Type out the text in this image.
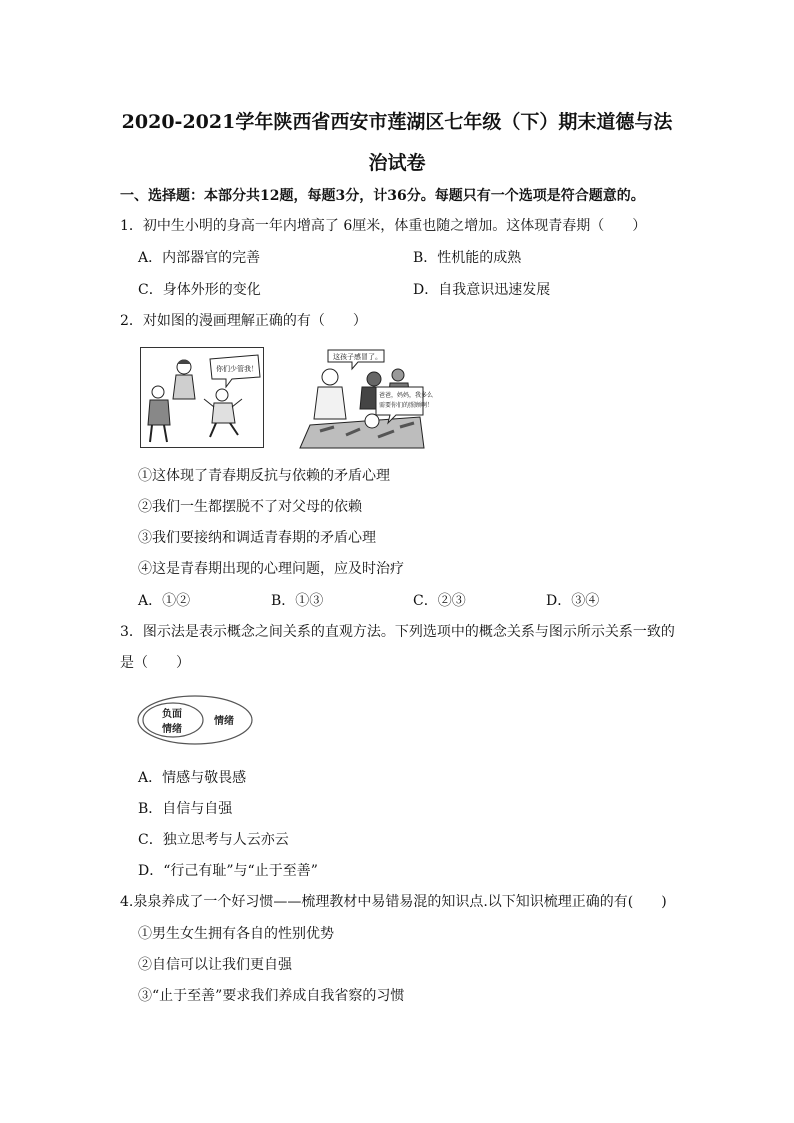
2020-2021学年陕西省西安市莲湖区七年级（下）期末道德与法
治试卷
一、选择题：本部分共12题，每题3分，计36分。每题只有一个选项是符合题意的。
1．初中生小明的身高一年内增高了 6厘米，体重也随之增加。这体现青春期（　　）
A．内部器官的完善	B．性机能的成熟
C．身体外形的变化	D．自我意识迅速发展
2．对如图的漫画理解正确的有（　　）
你们少管我！
这孩子感冒了。
爸爸，妈妈，我多么
需要你们的照顾啊！
①这体现了青春期反抗与依赖的矛盾心理
②我们一生都摆脱不了对父母的依赖
③我们要接纳和调适青春期的矛盾心理
④这是青春期出现的心理问题，应及时治疗
A．①②	B．①③	C．②③	D．③④
3．图示法是表示概念之间关系的直观方法。下列选项中的概念关系与图示所示关系一致的
是（　　）
负面
情绪
情绪
A．情感与敬畏感
B．自信与自强
C．独立思考与人云亦云
D．“行己有耻”与“止于至善”
4.泉泉养成了一个好习惯——梳理教材中易错易混的知识点.以下知识梳理正确的有(　　)
①男生女生拥有各自的性别优势
②自信可以让我们更自强
③“止于至善”要求我们养成自我省察的习惯
